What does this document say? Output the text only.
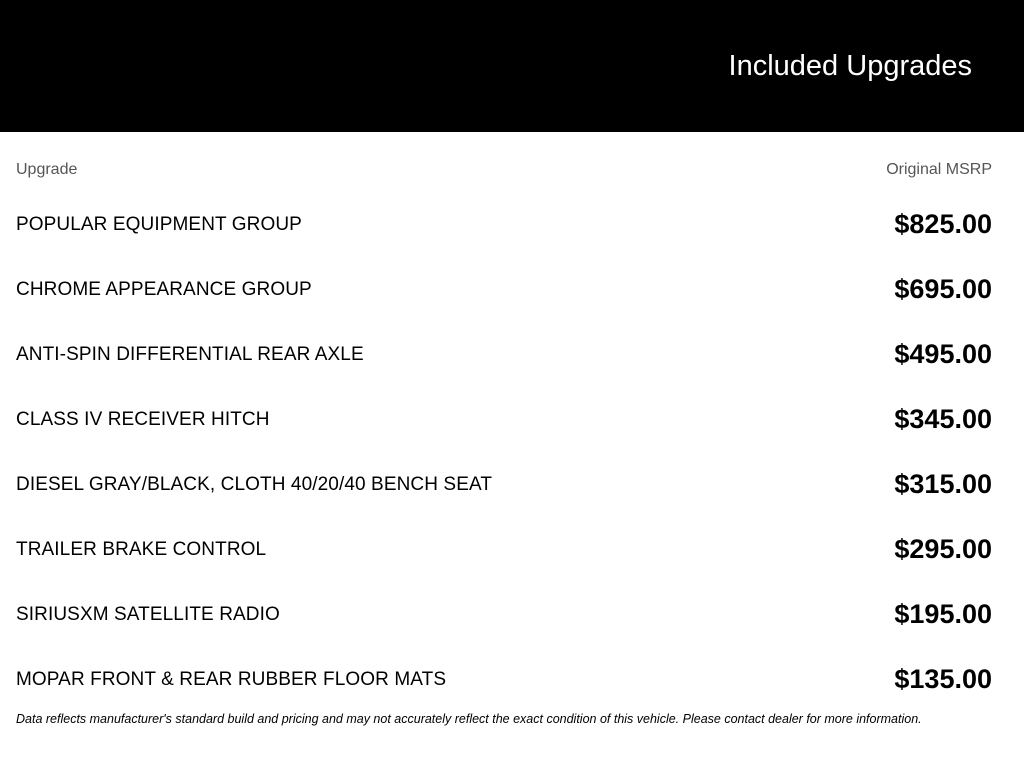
Included Upgrades
Upgrade	Original MSRP
POPULAR EQUIPMENT GROUP	$825.00
CHROME APPEARANCE GROUP	$695.00
ANTI-SPIN DIFFERENTIAL REAR AXLE	$495.00
CLASS IV RECEIVER HITCH	$345.00
DIESEL GRAY/BLACK, CLOTH 40/20/40 BENCH SEAT	$315.00
TRAILER BRAKE CONTROL	$295.00
SIRIUSXM SATELLITE RADIO	$195.00
MOPAR FRONT & REAR RUBBER FLOOR MATS	$135.00
Data reflects manufacturer's standard build and pricing and may not accurately reflect the exact condition of this vehicle. Please contact dealer for more information.
